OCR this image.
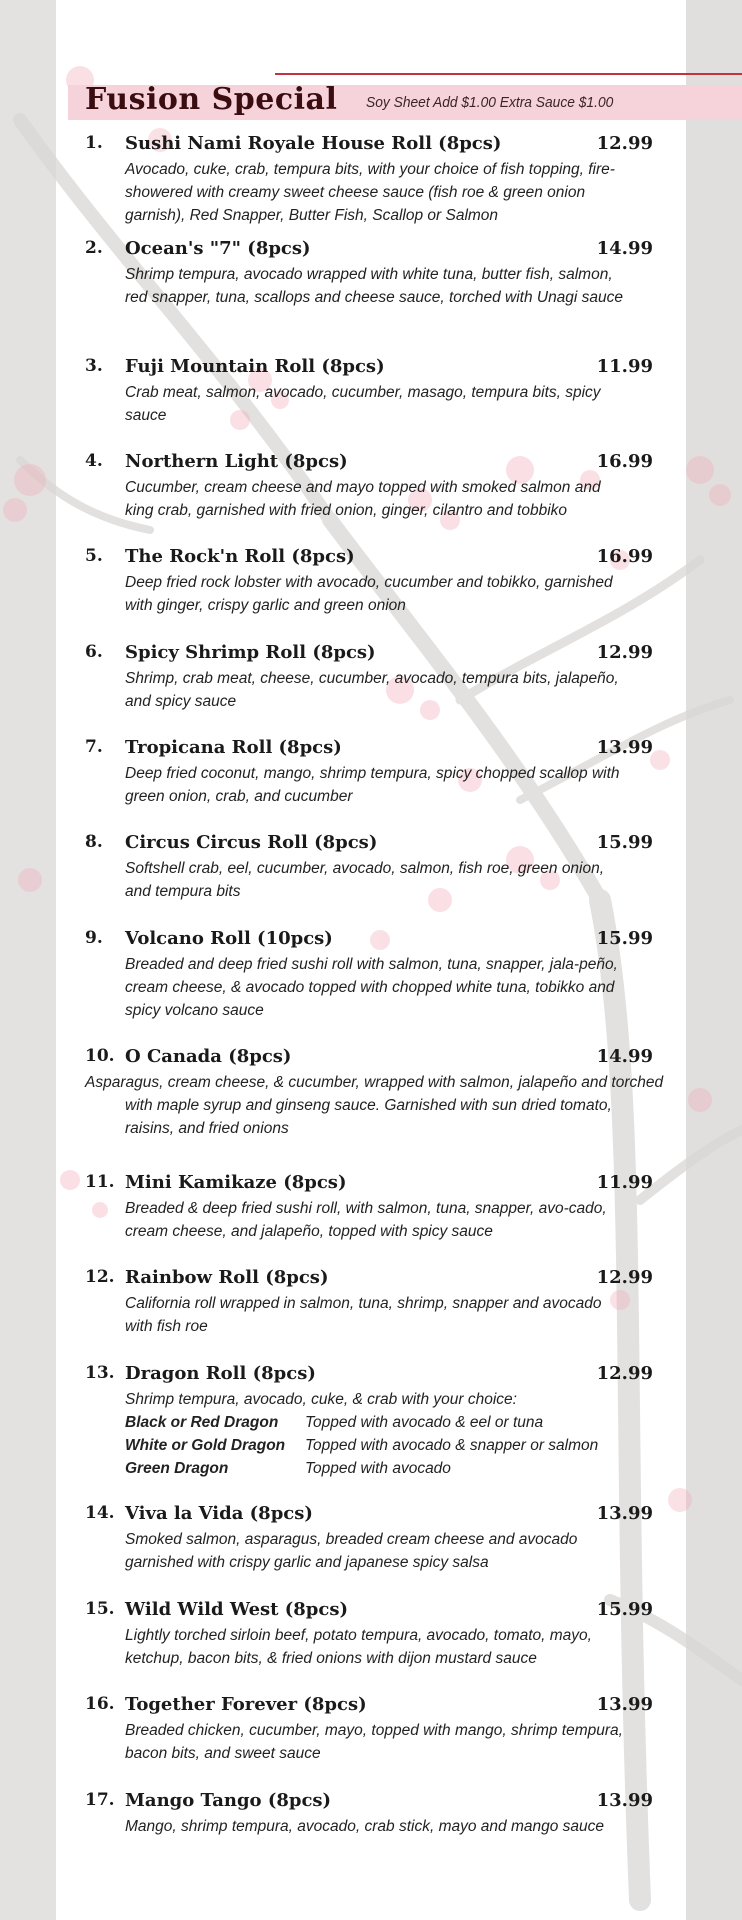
Fusion Special Soy Sheet Add $1.00 Extra Sauce $1.00
1. Sushi Nami Royale House Roll (8pcs)	12.99
Avocado, cuke, crab, tempura bits, with your choice of fish topping, fire-showered with creamy sweet cheese sauce (fish roe & green onion garnish), Red Snapper, Butter Fish, Scallop or Salmon
2. Ocean's "7" (8pcs)	14.99
Shrimp tempura, avocado wrapped with white tuna, butter fish, salmon, red snapper, tuna, scallops and cheese sauce, torched with Unagi sauce
3. Fuji Mountain Roll (8pcs)	11.99
Crab meat, salmon, avocado, cucumber, masago, tempura bits, spicy sauce
4. Northern Light (8pcs)	16.99
Cucumber, cream cheese and mayo topped with smoked salmon and king crab, garnished with fried onion, ginger, cilantro and tobbiko
5. The Rock'n Roll (8pcs)	16.99
Deep fried rock lobster with avocado, cucumber and tobikko, garnished with ginger, crispy garlic and green onion
6. Spicy Shrimp Roll (8pcs)	12.99
Shrimp, crab meat, cheese, cucumber, avocado, tempura bits, jalapeño, and spicy sauce
7. Tropicana Roll (8pcs)	13.99
Deep fried coconut, mango, shrimp tempura, spicy chopped scallop with green onion, crab, and cucumber
8. Circus Circus Roll (8pcs)	15.99
Softshell crab, eel, cucumber, avocado, salmon, fish roe, green onion, and tempura bits
9. Volcano Roll (10pcs)	15.99
Breaded and deep fried sushi roll with salmon, tuna, snapper, jala-peño, cream cheese, & avocado topped with chopped white tuna, tobikko and spicy volcano sauce
10. O Canada (8pcs)	14.99
Asparagus, cream cheese, & cucumber, wrapped with salmon, jalapeño and torched with maple syrup and ginseng sauce. Garnished with sun dried tomato, raisins, and fried onions
11. Mini Kamikaze (8pcs)	11.99
Breaded & deep fried sushi roll, with salmon, tuna, snapper, avo-cado, cream cheese, and jalapeño, topped with spicy sauce
12. Rainbow Roll (8pcs)	12.99
California roll wrapped in salmon, tuna, shrimp, snapper and avocado with fish roe
13. Dragon Roll (8pcs)	12.99
Shrimp tempura, avocado, cuke, & crab with your choice:
Black or Red Dragon	Topped with avocado & eel or tuna
White or Gold Dragon	Topped with avocado & snapper or salmon
Green Dragon	Topped with avocado
14. Viva la Vida (8pcs)	13.99
Smoked salmon, asparagus, breaded cream cheese and avocado garnished with crispy garlic and japanese spicy salsa
15. Wild Wild West (8pcs)	15.99
Lightly torched sirloin beef, potato tempura, avocado, tomato, mayo, ketchup, bacon bits, & fried onions with dijon mustard sauce
16. Together Forever (8pcs)	13.99
Breaded chicken, cucumber, mayo, topped with mango, shrimp tempura, bacon bits, and sweet sauce
17. Mango Tango (8pcs)	13.99
Mango, shrimp tempura, avocado, crab stick, mayo and mango sauce
